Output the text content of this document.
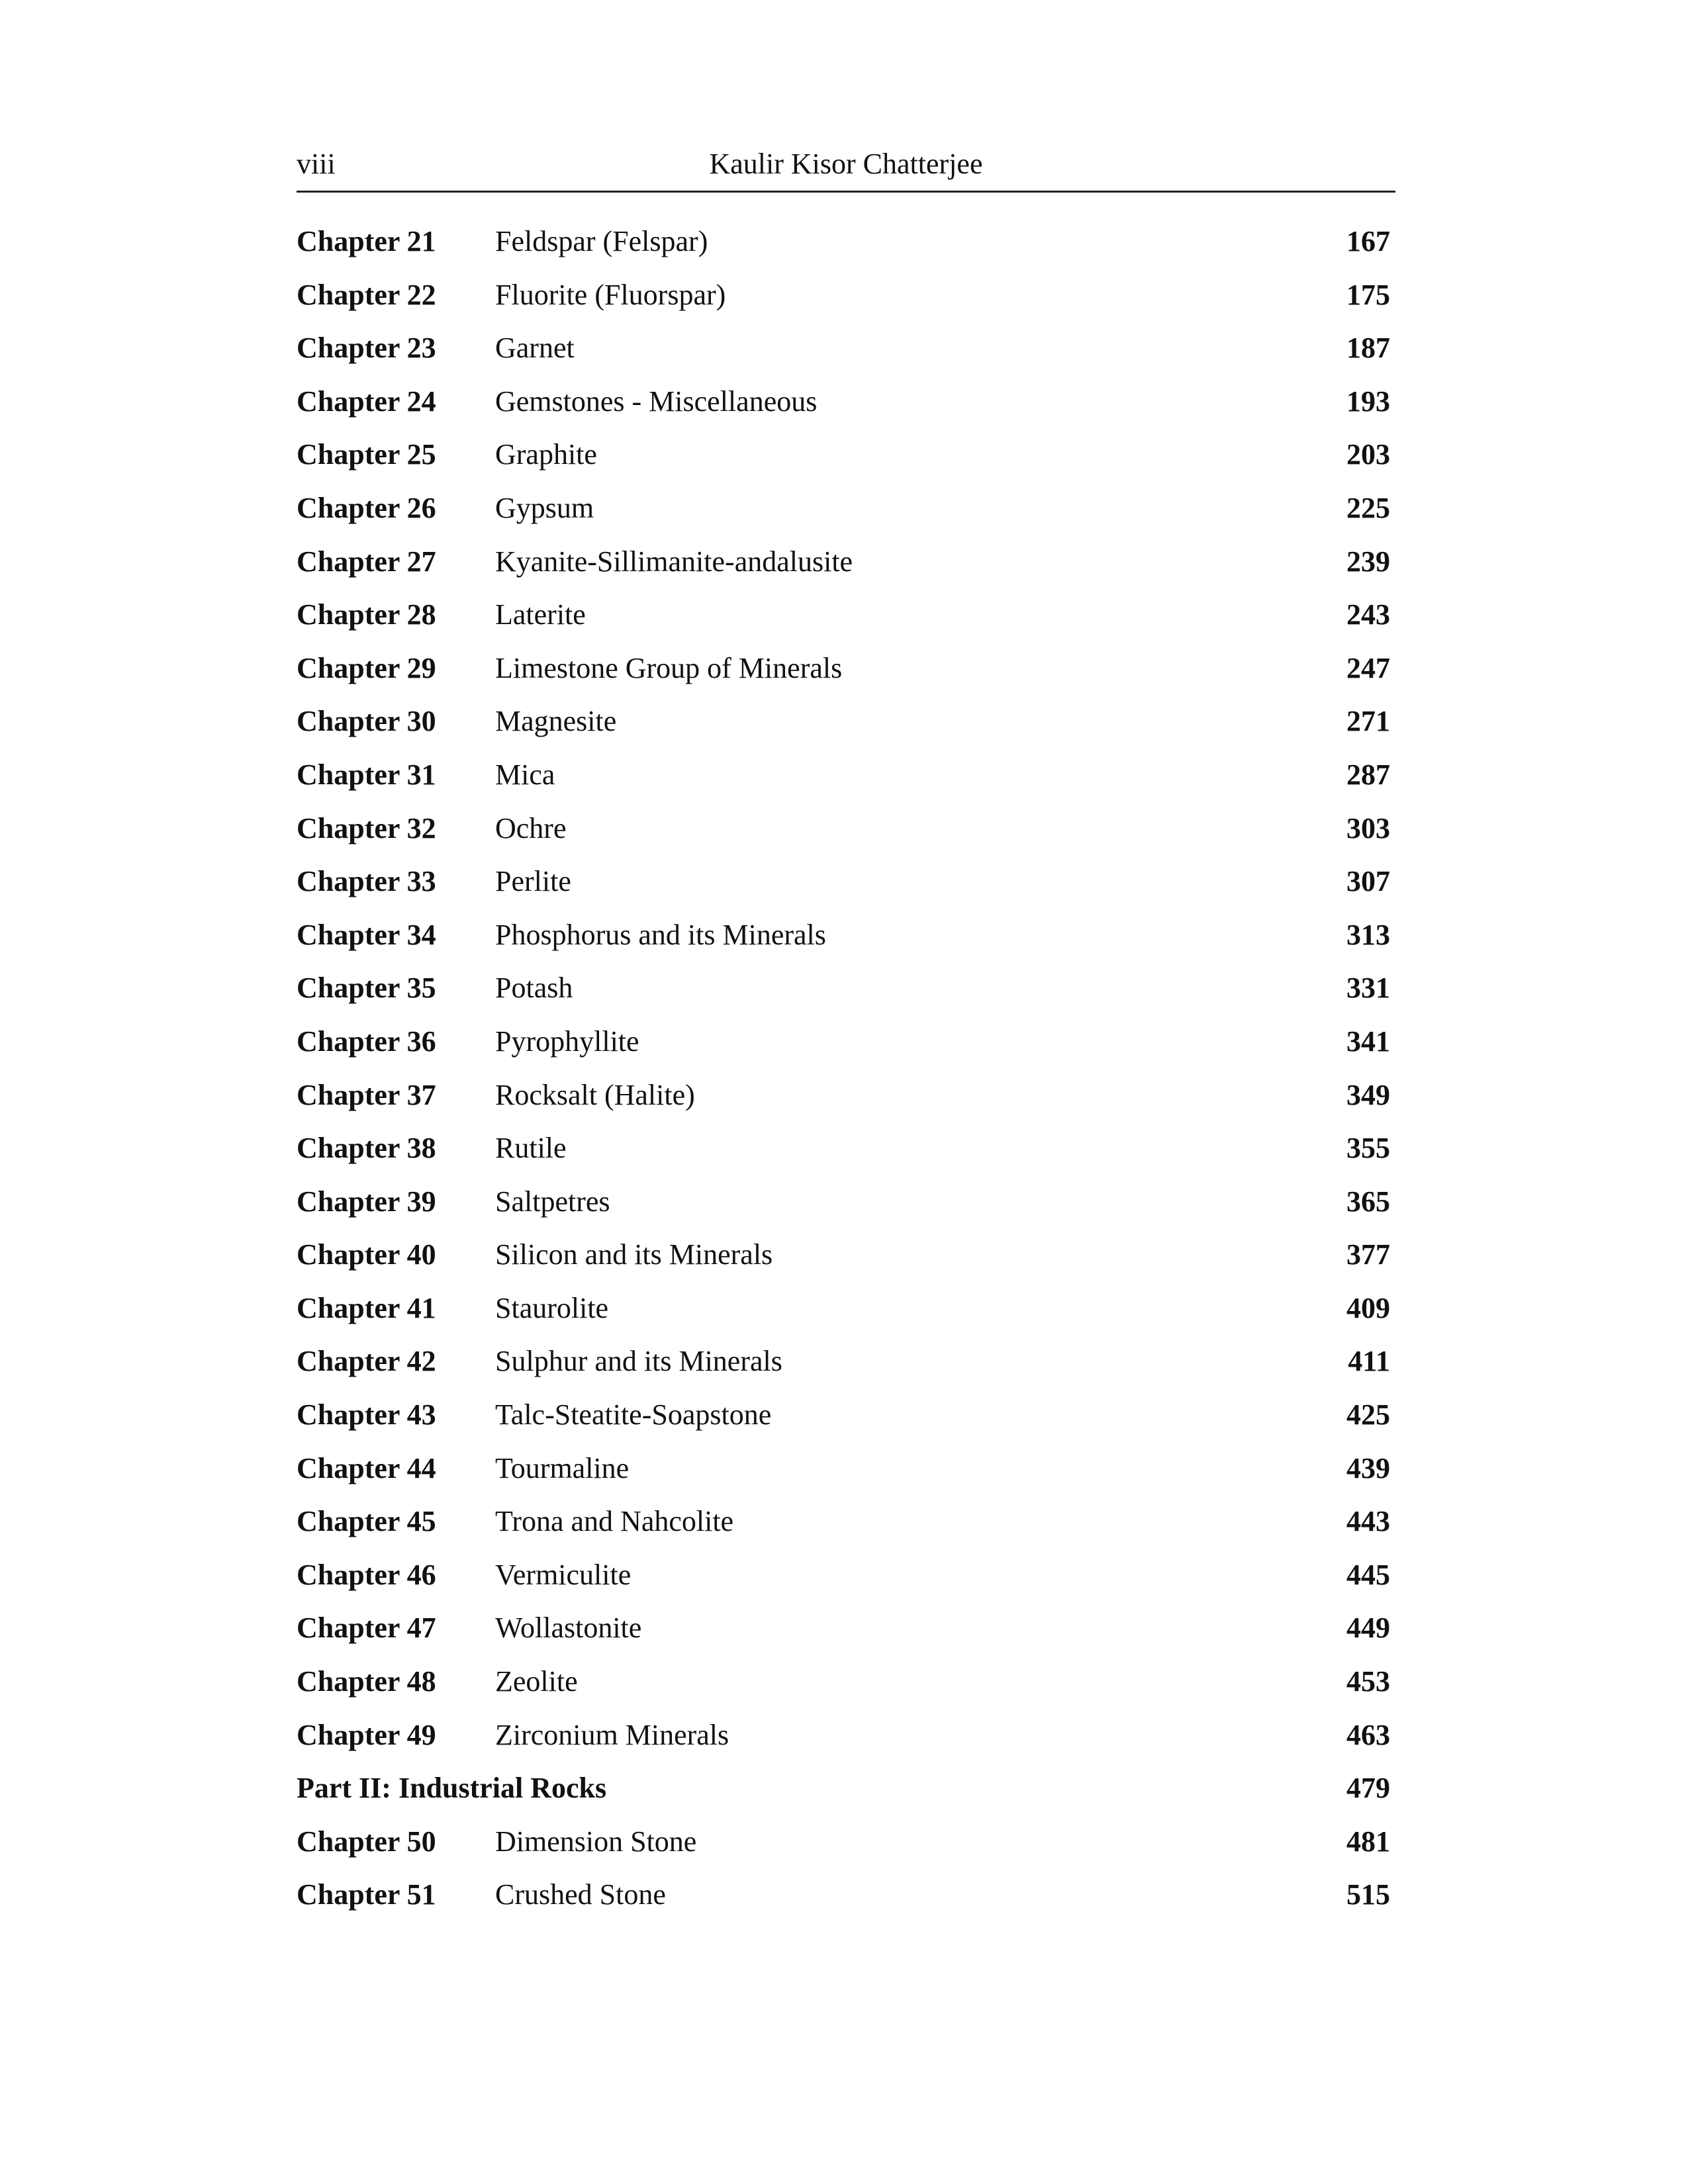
viii	Kaulir Kisor Chatterjee
Chapter 21 Feldspar (Felspar)	167
Chapter 22 Fluorite (Fluorspar)	175
Chapter 23 Garnet	187
Chapter 24 Gemstones - Miscellaneous	193
Chapter 25 Graphite	203
Chapter 26 Gypsum	225
Chapter 27 Kyanite-Sillimanite-andalusite	239
Chapter 28 Laterite	243
Chapter 29 Limestone Group of Minerals	247
Chapter 30 Magnesite	271
Chapter 31 Mica	287
Chapter 32 Ochre	303
Chapter 33 Perlite	307
Chapter 34 Phosphorus and its Minerals	313
Chapter 35 Potash	331
Chapter 36 Pyrophyllite	341
Chapter 37 Rocksalt (Halite)	349
Chapter 38 Rutile	355
Chapter 39 Saltpetres	365
Chapter 40 Silicon and its Minerals	377
Chapter 41 Staurolite	409
Chapter 42 Sulphur and its Minerals	411
Chapter 43 Talc-Steatite-Soapstone	425
Chapter 44 Tourmaline	439
Chapter 45 Trona and Nahcolite	443
Chapter 46 Vermiculite	445
Chapter 47 Wollastonite	449
Chapter 48 Zeolite	453
Chapter 49 Zirconium Minerals	463
Part II: Industrial Rocks	479
Chapter 50 Dimension Stone	481
Chapter 51 Crushed Stone	515
